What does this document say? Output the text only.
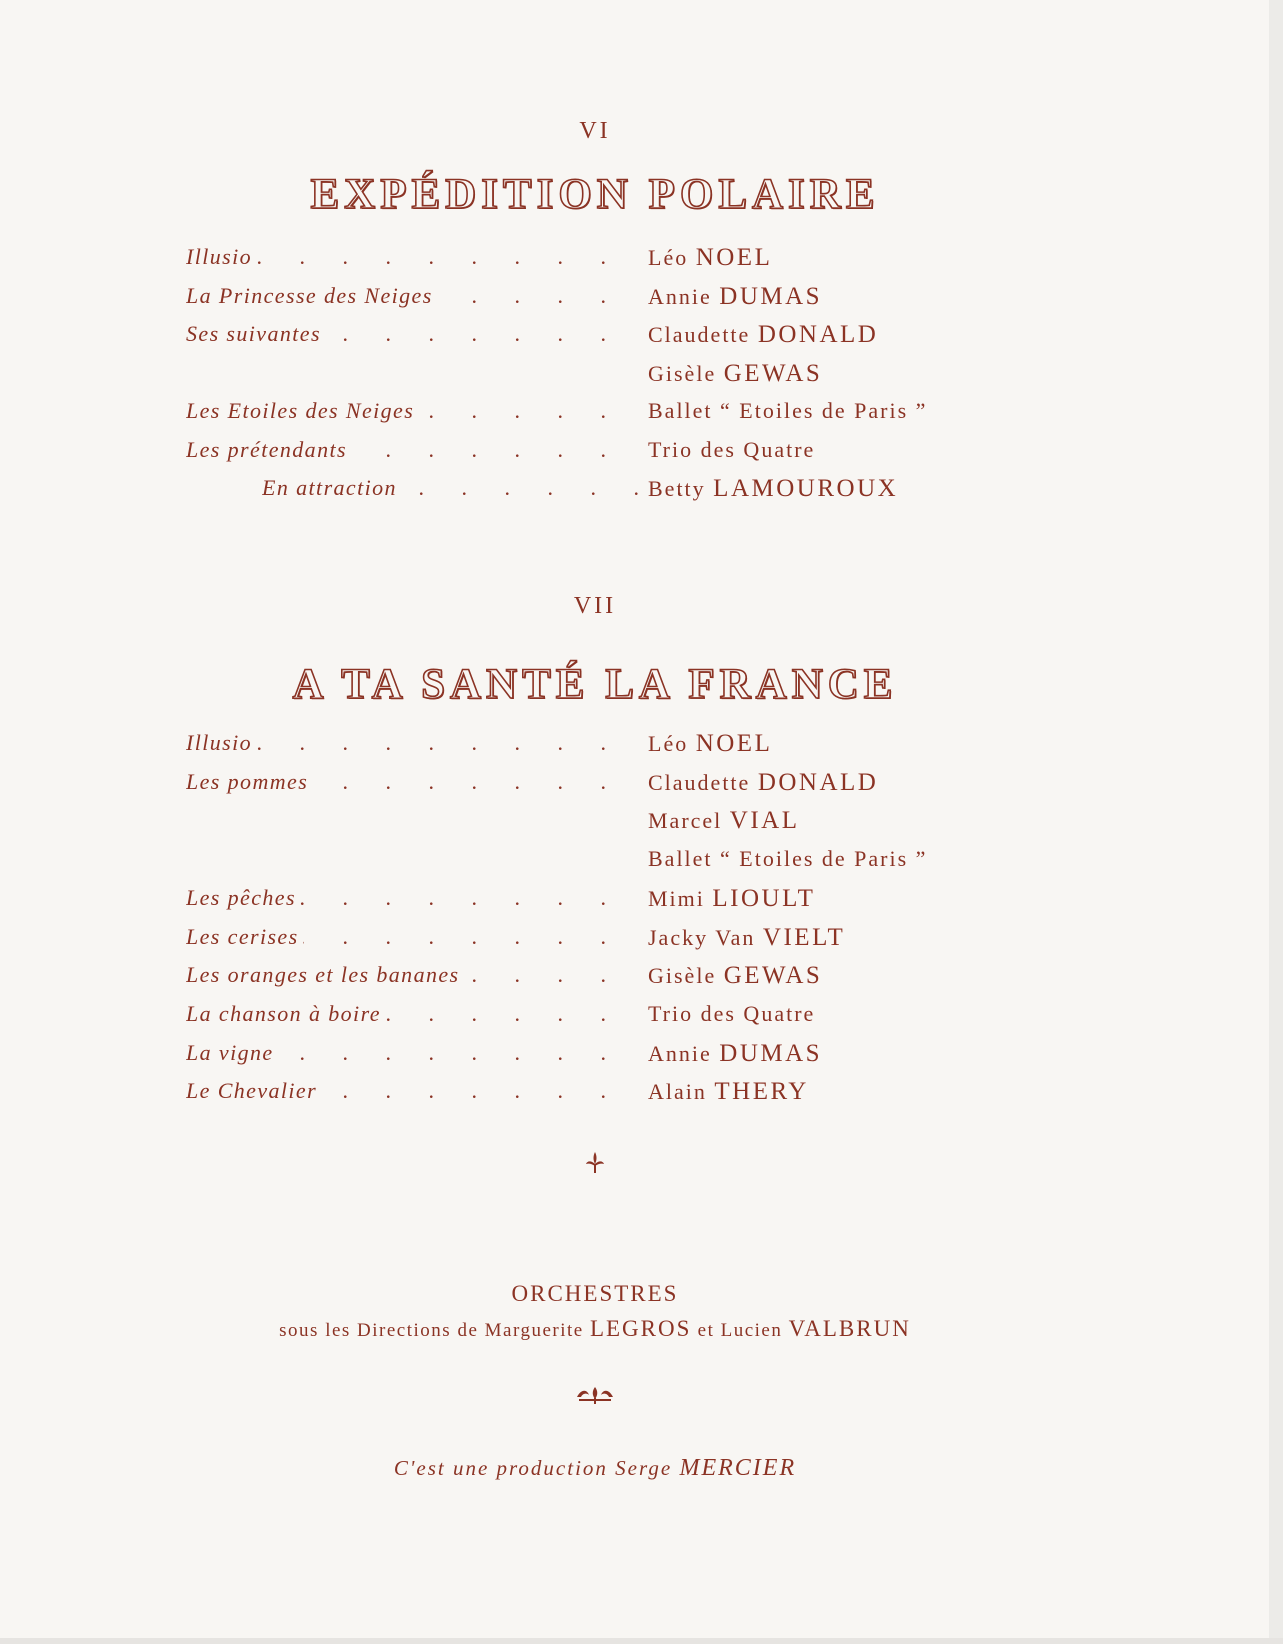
VI
EXPÉDITION POLAIRE
Illusio . . .	Léo NOEL
La Princesse des Neiges . . .	Annie DUMAS
Ses suivantes . . .	Claudette DONALD
Gisèle GEWAS
Les Etoiles des Neiges . . .	Ballet “ Etoiles de Paris ”
Les prétendants . . .	Trio des Quatre
En attraction . . .	Betty LAMOUROUX
VII
A TA SANTÉ LA FRANCE
Illusio . . .	Léo NOEL
Les pommes . . .	Claudette DONALD
Marcel VIAL
Ballet “ Etoiles de Paris ”
Les pêches . . .	Mimi LIOULT
Les cerises . . .	Jacky Van VIELT
Les oranges et les bananes . . .	Gisèle GEWAS
La chanson à boire . . .	Trio des Quatre
La vigne . . .	Annie DUMAS
Le Chevalier . . .	Alain THERY
ORCHESTRES
sous les Directions de Marguerite LEGROS et Lucien VALBRUN
C'est une production Serge MERCIER
